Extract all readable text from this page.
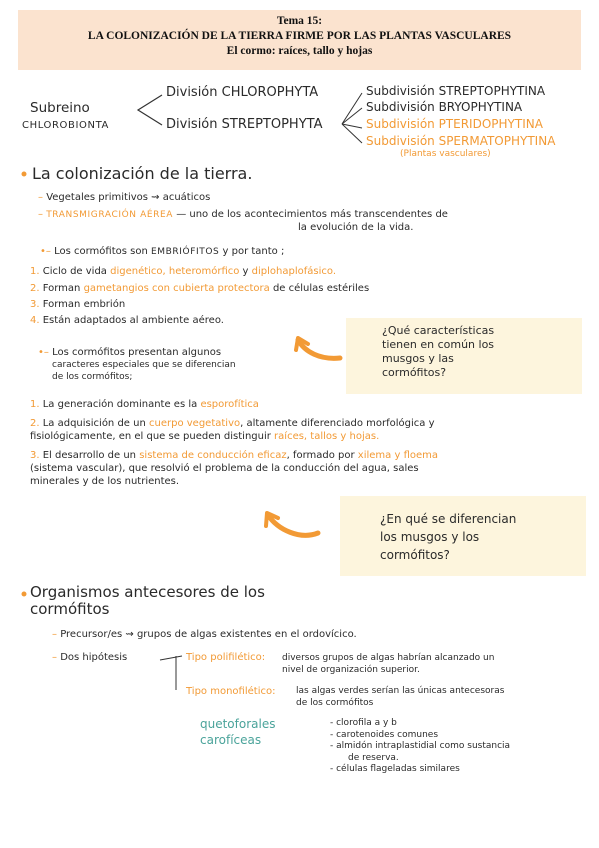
Tema 15:
LA COLONIZACIÓN DE LA TIERRA FIRME POR LAS PLANTAS VASCULARES
El cormo: raíces, tallo y hojas
Subreino
CHLOROBIONTA
División CHLOROPHYTA
División STREPTOPHYTA
Subdivisión STREPTOPHYTINA
Subdivisión BRYOPHYTINA
Subdivisión PTERIDOPHYTINA
Subdivisión SPERMATOPHYTINA
(Plantas vasculares)
La colonización de la tierra.
– Vegetales primitivos ⇝ acuáticos
– TRANSMIGRACIÓN AÉREA — uno de los acontecimientos más transcendentes de
la evolución de la vida.
•– Los cormófitos son EMBRIÓFITOS y por tanto ;
1. Ciclo de vida digenético, heteromórfico y diplohaplofásico.
2. Forman gametangios con cubierta protectora de células estériles
3. Forman embrión
4. Están adaptados al ambiente aéreo.
¿Qué características
tienen en común los
musgos y las
cormófitos?
•– Los cormófitos presentan algunos
caracteres especiales que se diferencian
de los cormófitos;
1. La generación dominante es la esporofítica
2. La adquisición de un cuerpo vegetativo, altamente diferenciado morfológica y
fisiológicamente, en el que se pueden distinguir raíces, tallos y hojas.
3. El desarrollo de un sistema de conducción eficaz, formado por xilema y floema
(sistema vascular), que resolvió el problema de la conducción del agua, sales
minerales y de los nutrientes.
¿En qué se diferencian
los musgos y los
cormófitos?
Organismos antecesores de los
cormófitos
– Precursor/es ⇝ grupos de algas existentes en el ordovícico.
– Dos hipótesis	Tipo polifilético: diversos grupos de algas habrían alcanzado un
nivel de organización superior.
Tipo monofilético: las algas verdes serían las únicas antecesoras
de los cormófitos
quetoforales
carofíceas
- clorofila a y b
- carotenoides comunes
- almidón intraplastidial como sustancia
de reserva.
- células flageladas similares
